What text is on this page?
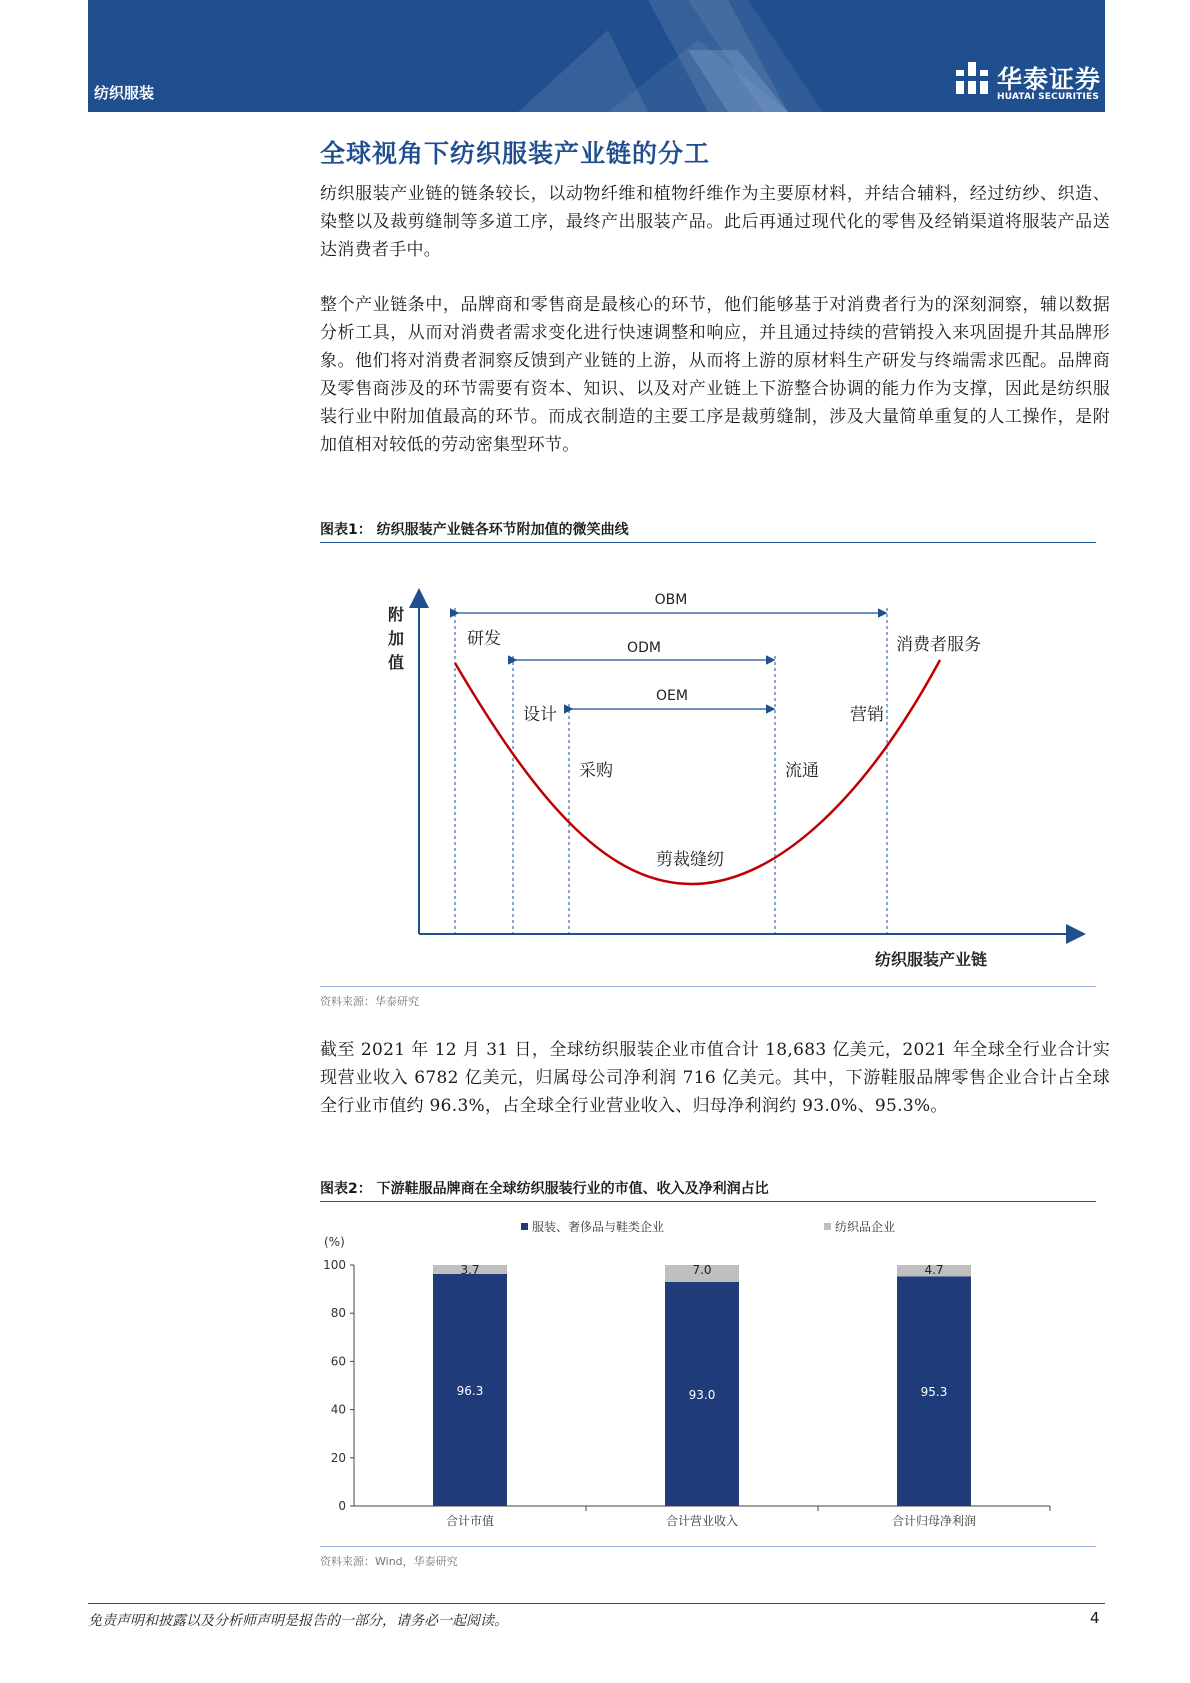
纺织服装	华泰证券
HUATAI SECURITIES
全球视角下纺织服装产业链的分工
纺织服装产业链的链条较长，以动物纤维和植物纤维作为主要原材料，并结合辅料，经过纺纱、织造、染整以及裁剪缝制等多道工序，最终产出服装产品。此后再通过现代化的零售及经销渠道将服装产品送达消费者手中。
整个产业链条中，品牌商和零售商是最核心的环节，他们能够基于对消费者行为的深刻洞察，辅以数据分析工具，从而对消费者需求变化进行快速调整和响应，并且通过持续的营销投入来巩固提升其品牌形象。他们将对消费者洞察反馈到产业链的上游，从而将上游的原材料生产研发与终端需求匹配。品牌商及零售商涉及的环节需要有资本、知识、以及对产业链上下游整合协调的能力作为支撑，因此是纺织服装行业中附加值最高的环节。而成衣制造的主要工序是裁剪缝制，涉及大量简单重复的人工操作，是附加值相对较低的劳动密集型环节。
图表1： 纺织服装产业链各环节附加值的微笑曲线
附
加
值
纺织服装产业链
OBM
ODM
OEM
研发
设计
采购
剪裁缝纫
流通
营销
消费者服务
资料来源：华泰研究
截至 2021 年 12 月 31 日，全球纺织服装企业市值合计 18,683 亿美元，2021 年全球全行业合计实现营业收入 6782 亿美元，归属母公司净利润 716 亿美元。其中，下游鞋服品牌零售企业合计占全球全行业市值约 96.3%，占全球全行业营业收入、归母净利润约 93.0%、95.3%。
图表2： 下游鞋服品牌商在全球纺织服装行业的市值、收入及净利润占比
服装、奢侈品与鞋类企业	纺织品企业
(%)
0
20
40
60
80
100
合计市值	合计营业收入	合计归母净利润
96.3
3.7
93.0
7.0
95.3
4.7
资料来源：Wind，华泰研究
免责声明和披露以及分析师声明是报告的一部分，请务必一起阅读。	4
